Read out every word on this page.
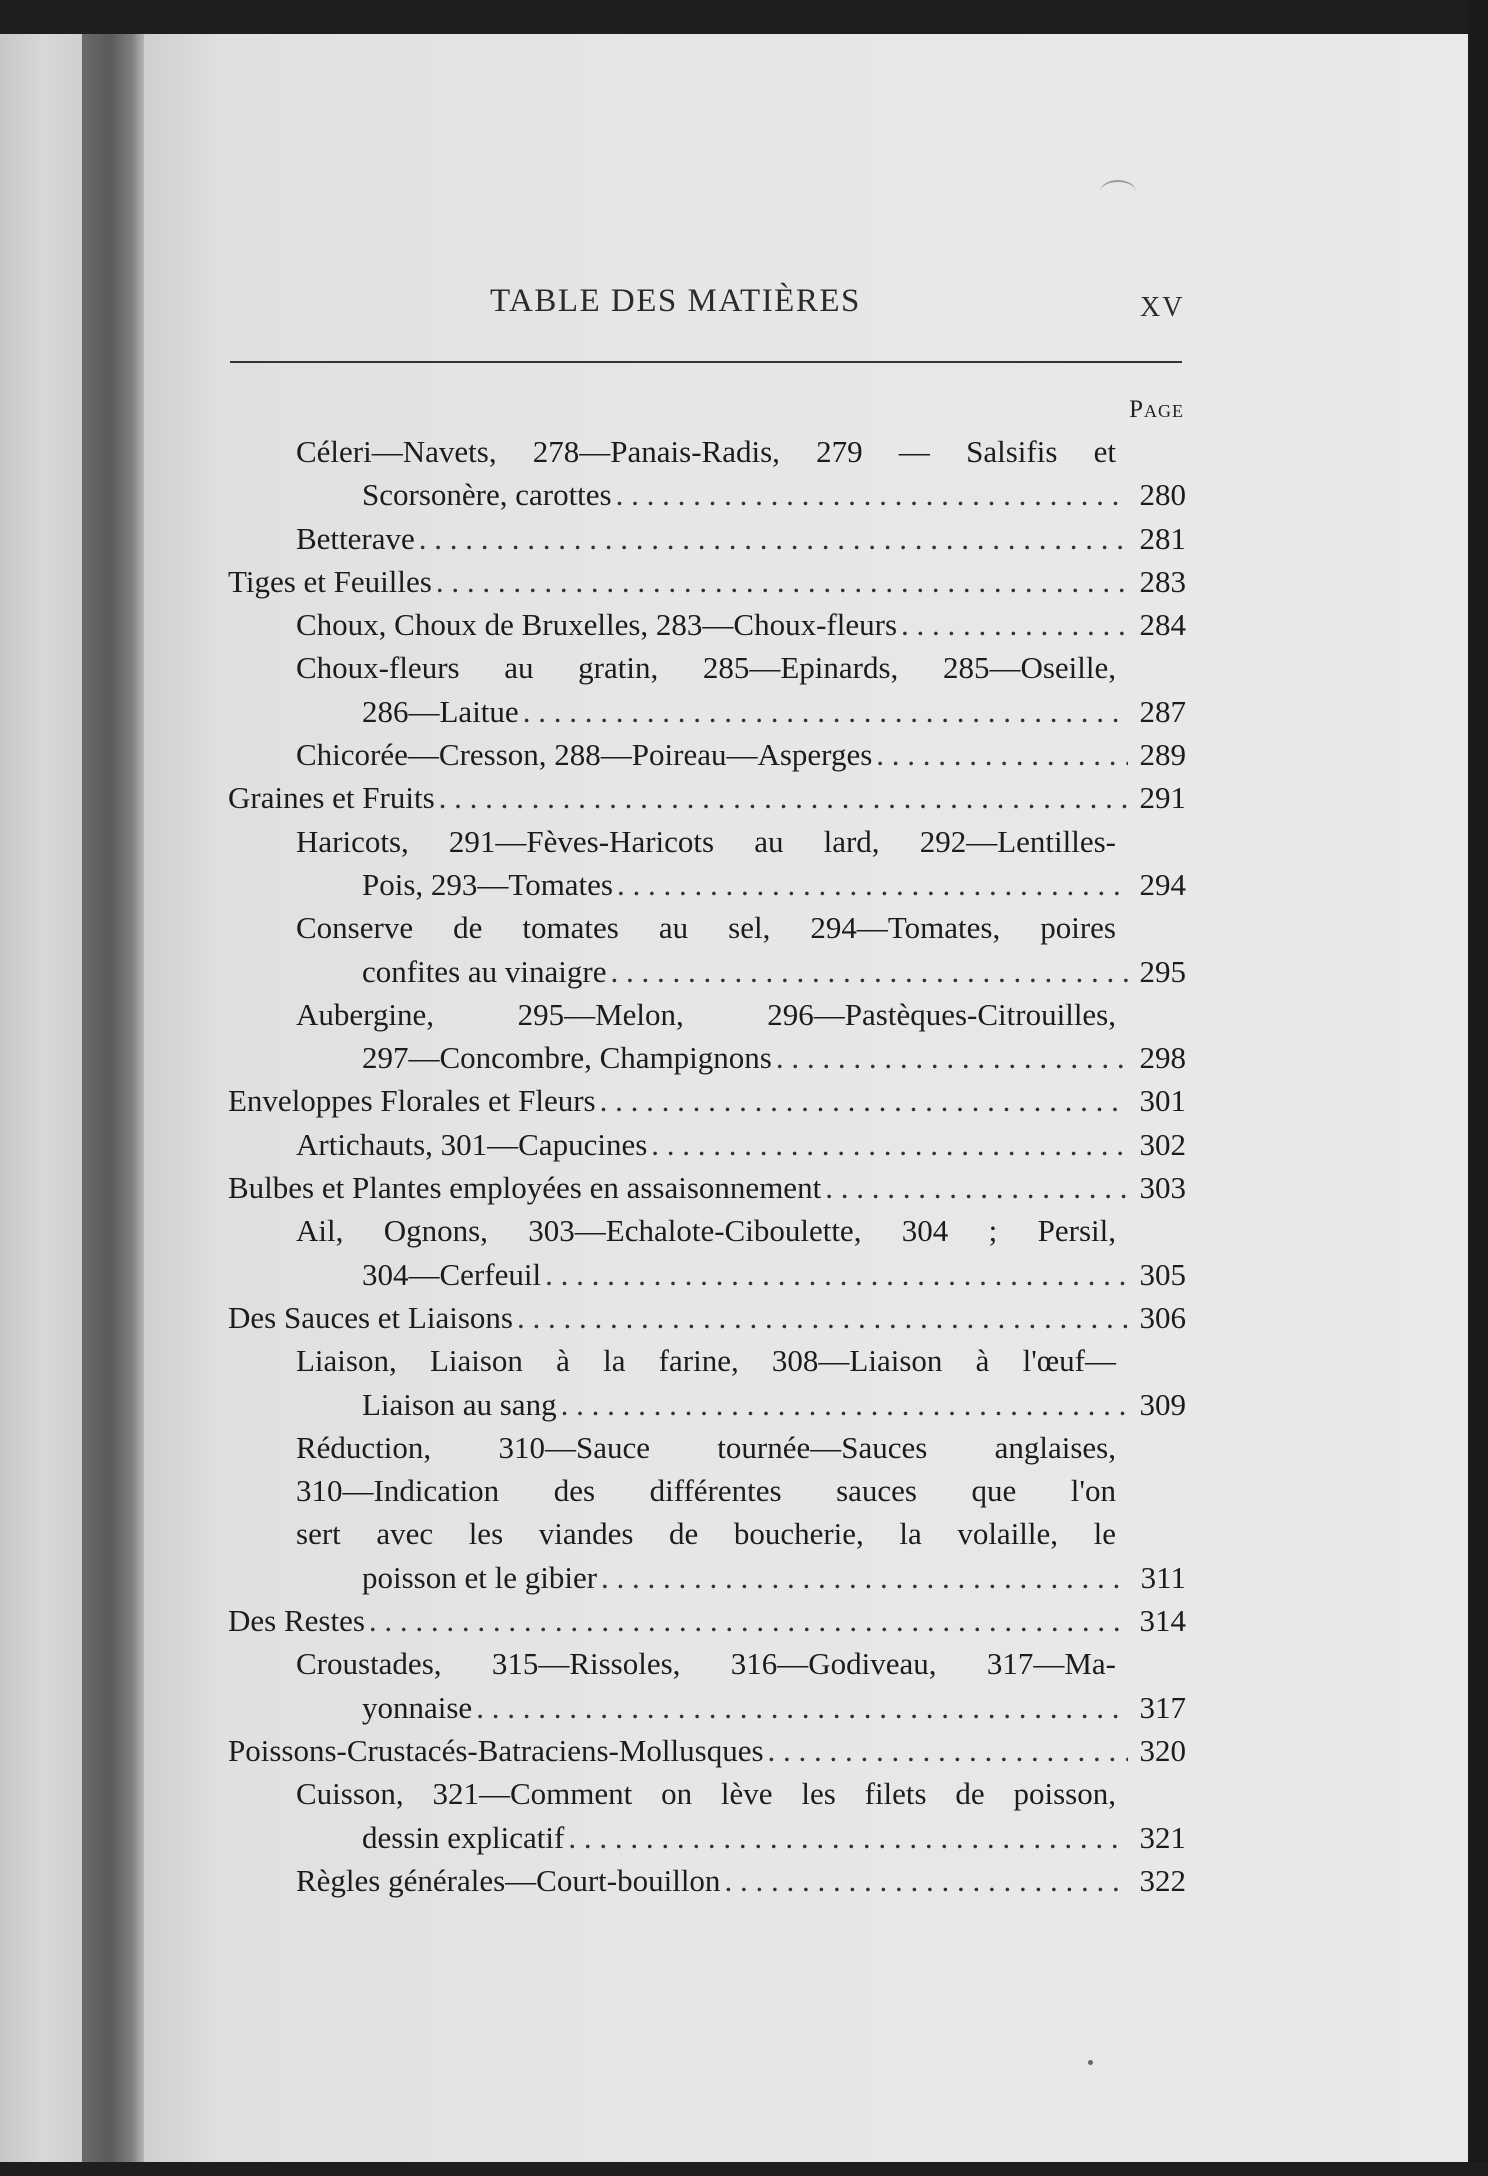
TABLE DES MATIÈRES	XV
Page
Céleri—Navets, 278—Panais-Radis, 279 — Salsifis et
Scorsonère, carottes . . .	280
Betterave . . .	281
Tiges et Feuilles . . .	283
Choux, Choux de Bruxelles, 283—Choux-fleurs . . .	284
Choux-fleurs au gratin, 285—Epinards, 285—Oseille,
286—Laitue . . .	287
Chicorée—Cresson, 288—Poireau—Asperges . . .	289
Graines et Fruits . . .	291
Haricots, 291—Fèves-Haricots au lard, 292—Lentilles-
Pois, 293—Tomates . . .	294
Conserve de tomates au sel, 294—Tomates, poires
confites au vinaigre . . .	295
Aubergine, 295—Melon, 296—Pastèques-Citrouilles,
297—Concombre, Champignons . . .	298
Enveloppes Florales et Fleurs . . .	301
Artichauts, 301—Capucines . . .	302
Bulbes et Plantes employées en assaisonnement . . .	303
Ail, Ognons, 303—Echalote-Ciboulette, 304 ; Persil,
304—Cerfeuil . . .	305
Des Sauces et Liaisons . . .	306
Liaison, Liaison à la farine, 308—Liaison à l'œuf—
Liaison au sang . . .	309
Réduction, 310—Sauce tournée—Sauces anglaises,
310—Indication des différentes sauces que l'on
sert avec les viandes de boucherie, la volaille, le
poisson et le gibier . . .	311
Des Restes . . .	314
Croustades, 315—Rissoles, 316—Godiveau, 317—Ma-
yonnaise . . .	317
Poissons-Crustacés-Batraciens-Mollusques . . .	320
Cuisson, 321—Comment on lève les filets de poisson,
dessin explicatif . . .	321
Règles générales—Court-bouillon . . .	322
